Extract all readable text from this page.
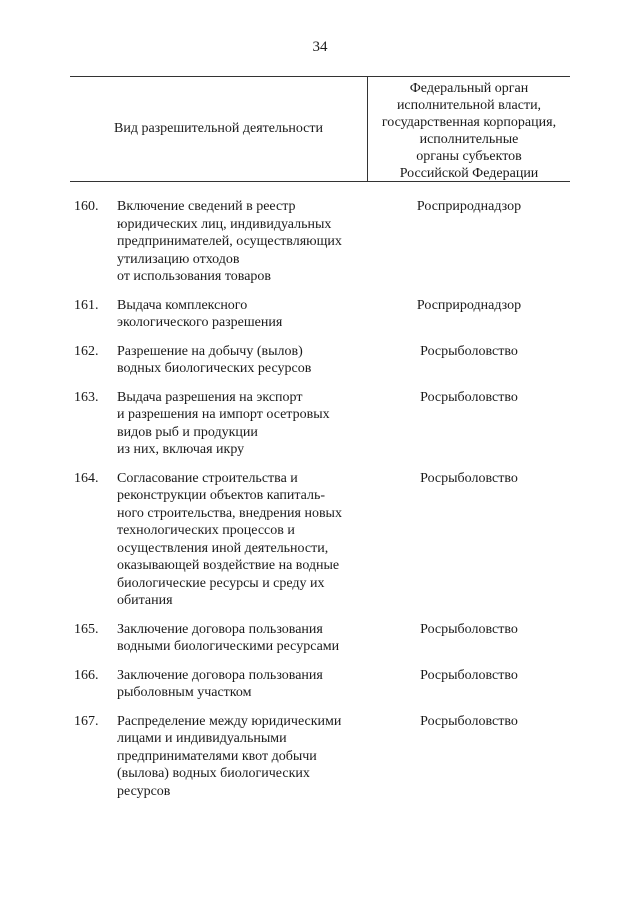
34
Вид разрешительной деятельности
Федеральный орган
исполнительной власти,
государственная корпорация,
исполнительные
органы субъектов
Российской Федерации
160.	Включение сведений в реестр
юридических лиц, индивидуальных
предпринимателей, осуществляющих
утилизацию отходов
от использования товаров
Росприроднадзор
161.	Выдача комплексного
экологического разрешения
Росприроднадзор
162.	Разрешение на добычу (вылов)
водных биологических ресурсов
Росрыболовство
163.	Выдача разрешения на экспорт
и разрешения на импорт осетровых
видов рыб и продукции
из них, включая икру
Росрыболовство
164.	Согласование строительства и
реконструкции объектов капиталь-
ного строительства, внедрения новых
технологических процессов и
осуществления иной деятельности,
оказывающей воздействие на водные
биологические ресурсы и среду их
обитания
Росрыболовство
165.	Заключение договора пользования
водными биологическими ресурсами
Росрыболовство
166.	Заключение договора пользования
рыболовным участком
Росрыболовство
167.	Распределение между юридическими
лицами и индивидуальными
предпринимателями квот добычи
(вылова) водных биологических
ресурсов
Росрыболовство
